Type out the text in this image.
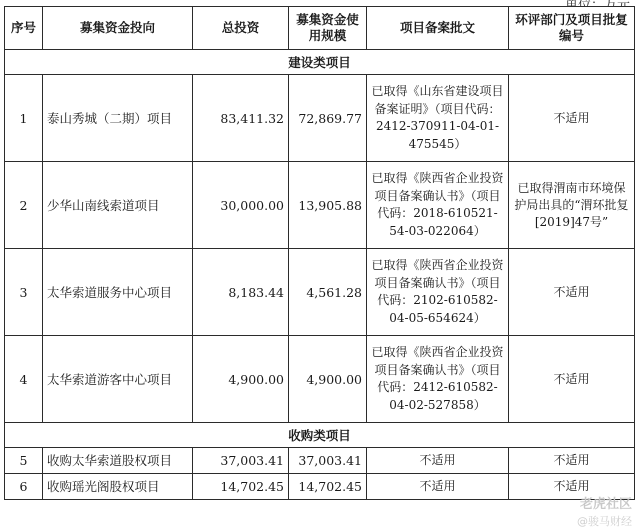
序号	募集资金投向	总投资	募集资金使用规模	项目备案批文	环评部门及项目批复编号
建设类项目					
1	泰山秀城（二期）项目	83,411.32	72,869.77	已取得《山东省建设项目备案证明》（项目代码：2412-370911-04-01-475545）	不适用
2	少华山南线索道项目	30,000.00	13,905.88	已取得《陕西省企业投资项目备案确认书》（项目代码：2018-610521-54-03-022064）	已取得渭南市环境保护局出具的“渭环批复[2019]47号”
3	太华索道服务中心项目	8,183.44	4,561.28	已取得《陕西省企业投资项目备案确认书》（项目代码：2102-610582-04-05-654624）	不适用
4	太华索道游客中心项目	4,900.00	4,900.00	已取得《陕西省企业投资项目备案确认书》（项目代码：2412-610582-04-02-527858）	不适用
收购类项目					
5	收购太华索道股权项目	37,003.41	37,003.41	不适用	不适用
6	收购瑶光阁股权项目	14,702.45	14,702.45	不适用	不适用
老虎社区
@骏马财经
